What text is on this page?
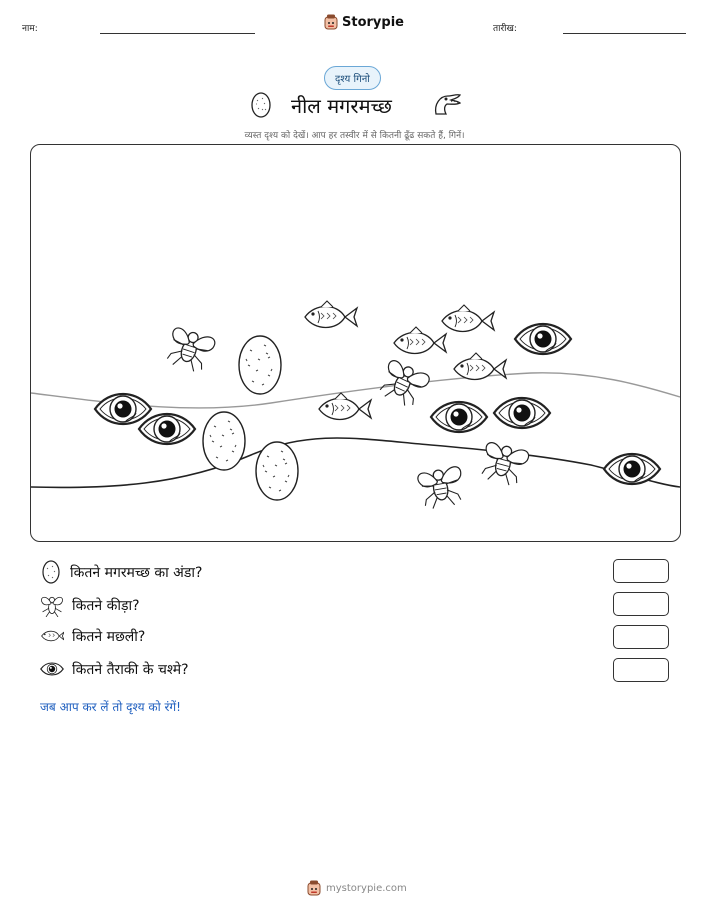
नाम:	Storypie	तारीख:
दृश्य गिनो
नील मगरमच्छ
व्यस्त दृश्य को देखें। आप हर तस्वीर में से कितनी ढूँढ सकते हैं, गिनें।
कितने मगरमच्छ का अंडा?
कितने कीड़ा?
कितने मछली?
कितने तैराकी के चश्मे?
जब आप कर लें तो दृश्य को रंगें!
mystorypie.com
